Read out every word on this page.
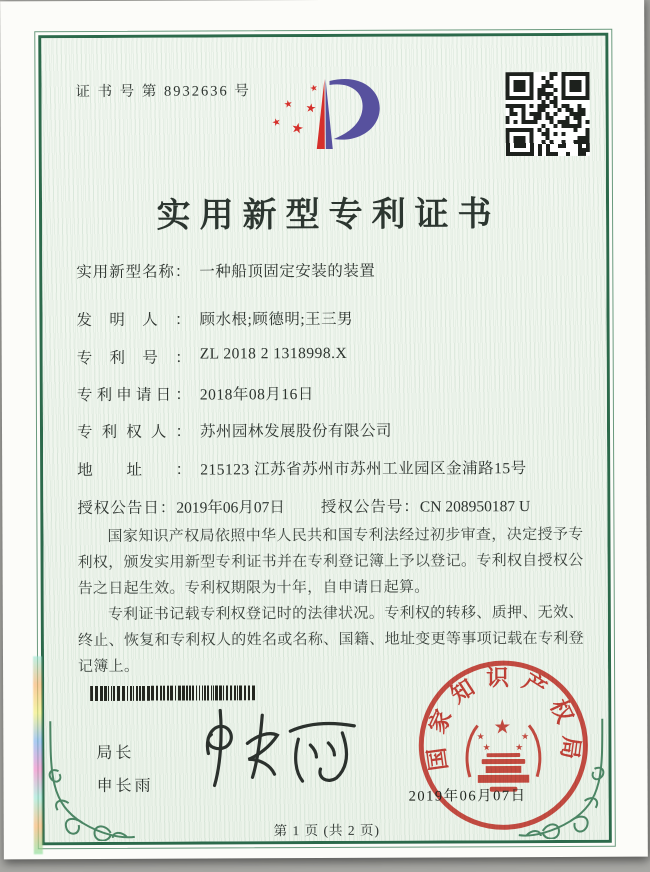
证 书 号 第 8932636 号	★
★ ★
★ ★
实用新型专利证书
实用新型名称： 一种船顶固定安装的装置
发明人： 顾水根;顾德明;王三男
专利号： ZL 2018 2 1318998.X
专利申请日： 2018年08月16日
专利权人： 苏州园林发展股份有限公司
地址： 215123 江苏省苏州市苏州工业园区金浦路15号
授权公告日：2019年06月07日 授权公告号：CN 208950187 U

国家知识产权局依照中华人民共和国专利法经过初步审查，决定授予专利权，颁发实用新型专利证书并在专利登记簿上予以登记。专利权自授权公告之日起生效。专利权期限为十年，自申请日起算。

专利证书记载专利权登记时的法律状况。专利权的转移、质押、无效、终止、恢复和专利权人的姓名或名称、国籍、地址变更等事项记载在专利登记簿上。

局长
申长雨
国家知识产权局
★
★	★
★	★
2019年06月07日
第 1 页 (共 2 页)
